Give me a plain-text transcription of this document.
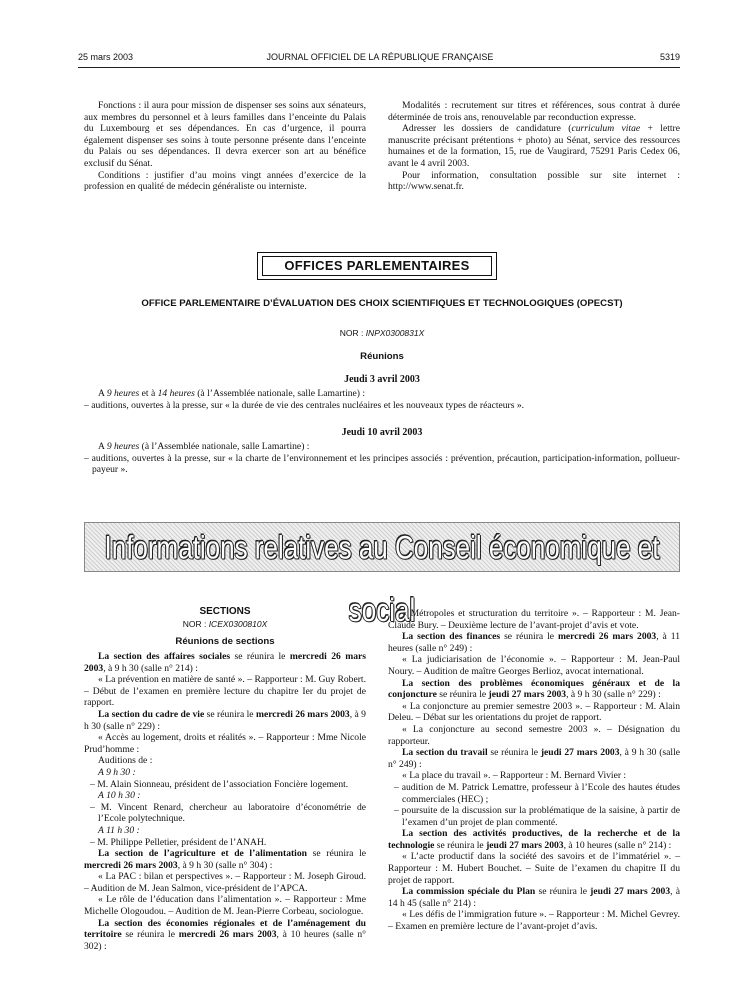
25 mars 2003	JOURNAL OFFICIEL DE LA RÉPUBLIQUE FRANÇAISE	5319

Fonctions : il aura pour mission de dispenser ses soins aux sénateurs, aux membres du personnel et à leurs familles dans l’enceinte du Palais du Luxembourg et ses dépendances. En cas d’urgence, il pourra également dispenser ses soins à toute personne présente dans l’enceinte du Palais ou ses dépendances. Il devra exercer son art au bénéfice exclusif du Sénat.

Conditions : justifier d’au moins vingt années d’exercice de la profession en qualité de médecin généraliste ou interniste.

Modalités : recrutement sur titres et références, sous contrat à durée déterminée de trois ans, renouvelable par reconduction expresse.

Adresser les dossiers de candidature (curriculum vitae + lettre manuscrite précisant prétentions + photo) au Sénat, service des ressources humaines et de la formation, 15, rue de Vaugirard, 75291 Paris Cedex 06, avant le 4 avril 2003.

Pour information, consultation possible sur site internet : http://www.senat.fr.

OFFICES PARLEMENTAIRES
OFFICE PARLEMENTAIRE D’ÉVALUATION DES CHOIX SCIENTIFIQUES ET TECHNOLOGIQUES (OPECST)
NOR : INPX0300831X
Réunions
Jeudi 3 avril 2003

A 9 heures et à 14 heures (à l’Assemblée nationale, salle Lamartine) :

– auditions, ouvertes à la presse, sur « la durée de vie des centrales nucléaires et les nouveaux types de réacteurs ».

Jeudi 10 avril 2003

A 9 heures (à l’Assemblée nationale, salle Lamartine) :

– auditions, ouvertes à la presse, sur « la charte de l’environnement et les principes associés : prévention, précaution, participation-information, pollueur-payeur ».

Informations relatives au Conseil économique et social
SECTIONS
NOR : ICEX0300810X
Réunions de sections

La section des affaires sociales se réunira le mercredi 26 mars 2003, à 9 h 30 (salle n° 214) :

« La prévention en matière de santé ». – Rapporteur : M. Guy Robert. – Début de l’examen en première lecture du chapitre Ier du projet de rapport.

La section du cadre de vie se réunira le mercredi 26 mars 2003, à 9 h 30 (salle n° 229) :

« Accès au logement, droits et réalités ». – Rapporteur : Mme Nicole Prud’homme :

Auditions de :

A 9 h 30 :

– M. Alain Sionneau, président de l’association Foncière logement.

A 10 h 30 :

– M. Vincent Renard, chercheur au laboratoire d’économétrie de l’Ecole polytechnique.

A 11 h 30 :

– M. Philippe Pelletier, président de l’ANAH.

La section de l’agriculture et de l’alimentation se réunira le mercredi 26 mars 2003, à 9 h 30 (salle n° 304) :

« La PAC : bilan et perspectives ». – Rapporteur : M. Joseph Giroud. – Audition de M. Jean Salmon, vice-président de l’APCA.

« Le rôle de l’éducation dans l’alimentation ». – Rapporteur : Mme Michelle Ologoudou. – Audition de M. Jean-Pierre Corbeau, sociologue.

La section des économies régionales et de l’aménagement du territoire se réunira le mercredi 26 mars 2003, à 10 heures (salle n° 302) :

« Métropoles et structuration du territoire ». – Rapporteur : M. Jean-Claude Bury. – Deuxième lecture de l’avant-projet d’avis et vote.

La section des finances se réunira le mercredi 26 mars 2003, à 11 heures (salle n° 249) :

« La judiciarisation de l’économie ». – Rapporteur : M. Jean-Paul Noury. – Audition de maître Georges Berlioz, avocat international.

La section des problèmes économiques généraux et de la conjoncture se réunira le jeudi 27 mars 2003, à 9 h 30 (salle n° 229) :

« La conjoncture au premier semestre 2003 ». – Rapporteur : M. Alain Deleu. – Débat sur les orientations du projet de rapport.

« La conjoncture au second semestre 2003 ». – Désignation du rapporteur.

La section du travail se réunira le jeudi 27 mars 2003, à 9 h 30 (salle n° 249) :

« La place du travail ». – Rapporteur : M. Bernard Vivier :

– audition de M. Patrick Lemattre, professeur à l’Ecole des hautes études commerciales (HEC) ;

– poursuite de la discussion sur la problématique de la saisine, à partir de l’examen d’un projet de plan commenté.

La section des activités productives, de la recherche et de la technologie se réunira le jeudi 27 mars 2003, à 10 heures (salle n° 214) :

« L’acte productif dans la société des savoirs et de l’immatériel ». – Rapporteur : M. Hubert Bouchet. – Suite de l’examen du chapitre II du projet de rapport.

La commission spéciale du Plan se réunira le jeudi 27 mars 2003, à 14 h 45 (salle n° 214) :

« Les défis de l’immigration future ». – Rapporteur : M. Michel Gevrey. – Examen en première lecture de l’avant-projet d’avis.
